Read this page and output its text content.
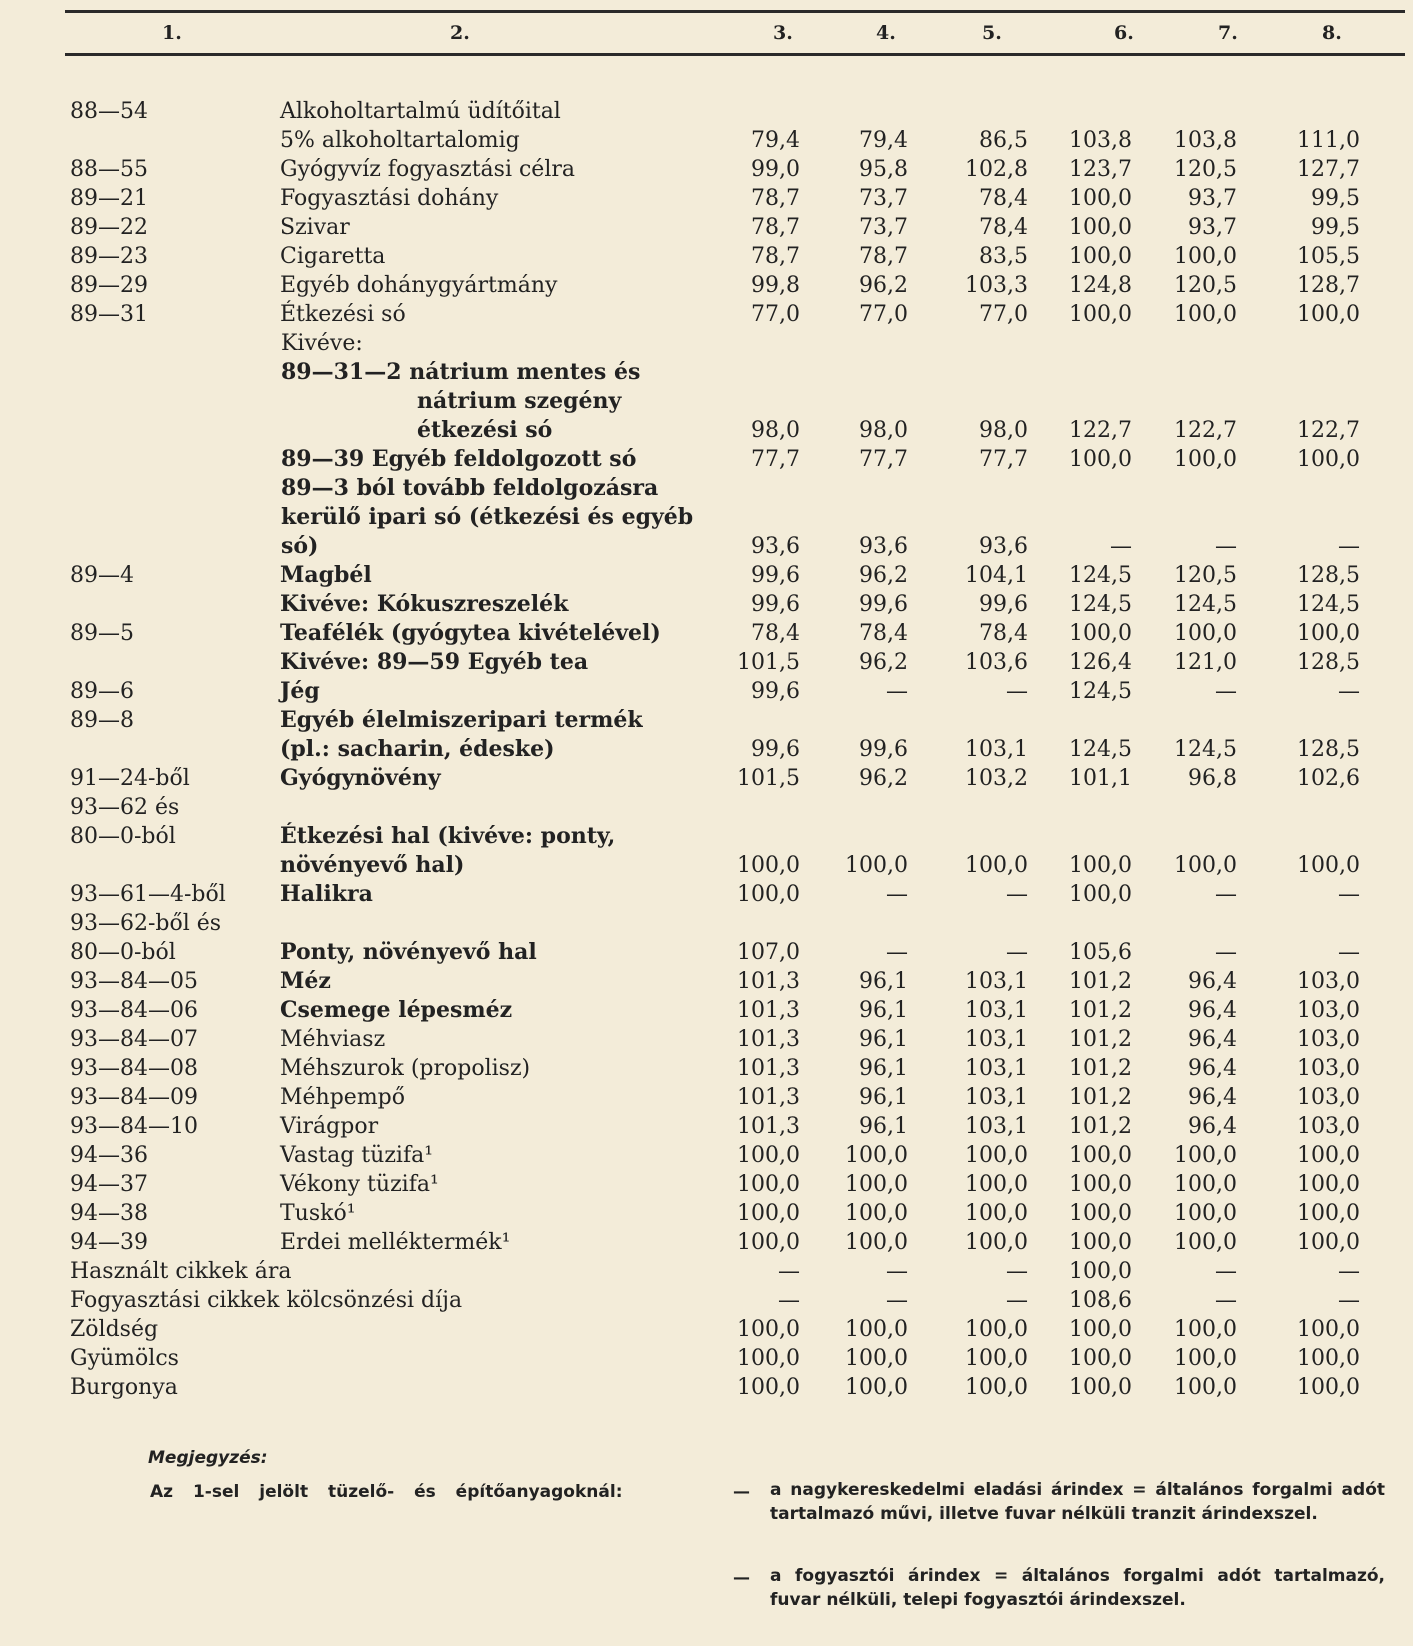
1.	2.	3.	4.	5.	6.	7.	8.
88—54	Alkoholtartalmú üdítőital
5% alkoholtartalomig	79,4	79,4	86,5	103,8	103,8	111,0
88—55	Gyógyvíz fogyasztási célra	99,0	95,8	102,8	123,7	120,5	127,7
89—21	Fogyasztási dohány	78,7	73,7	78,4	100,0	93,7	99,5
89—22	Szivar	78,7	73,7	78,4	100,0	93,7	99,5
89—23	Cigaretta	78,7	78,7	83,5	100,0	100,0	105,5
89—29	Egyéb dohánygyártmány	99,8	96,2	103,3	124,8	120,5	128,7
89—31	Étkezési só	77,0	77,0	77,0	100,0	100,0	100,0
Kivéve:
89—31—2 nátrium mentes és
nátrium szegény
étkezési só	98,0	98,0	98,0	122,7	122,7	122,7
89—39 Egyéb feldolgozott só	77,7	77,7	77,7	100,0	100,0	100,0
89—3 ból tovább feldolgozásra
kerülő ipari só (étkezési és egyéb
só)	93,6	93,6	93,6	—	—	—
89—4	Magbél	99,6	96,2	104,1	124,5	120,5	128,5
Kivéve: Kókuszreszelék	99,6	99,6	99,6	124,5	124,5	124,5
89—5	Teafélék (gyógytea kivételével)	78,4	78,4	78,4	100,0	100,0	100,0
Kivéve: 89—59 Egyéb tea	101,5	96,2	103,6	126,4	121,0	128,5
89—6	Jég	99,6	—	—	124,5	—	—
89—8	Egyéb élelmiszeripari termék
(pl.: sacharin, édeske)	99,6	99,6	103,1	124,5	124,5	128,5
91—24-ből	Gyógynövény	101,5	96,2	103,2	101,1	96,8	102,6
93—62 és
80—0-ból	Étkezési hal (kivéve: ponty,
növényevő hal)	100,0	100,0	100,0	100,0	100,0	100,0
93—61—4-ből Halikra	100,0	—	—	100,0	—	—
93—62-ből és
80—0-ból	Ponty, növényevő hal	107,0	—	—	105,6	—	—
93—84—05	Méz	101,3	96,1	103,1	101,2	96,4	103,0
93—84—06	Csemege lépesméz	101,3	96,1	103,1	101,2	96,4	103,0
93—84—07	Méhviasz	101,3	96,1	103,1	101,2	96,4	103,0
93—84—08	Méhszurok (propolisz)	101,3	96,1	103,1	101,2	96,4	103,0
93—84—09	Méhpempő	101,3	96,1	103,1	101,2	96,4	103,0
93—84—10	Virágpor	101,3	96,1	103,1	101,2	96,4	103,0
94—36	Vastag tüzifa¹	100,0	100,0	100,0	100,0	100,0	100,0
94—37	Vékony tüzifa¹	100,0	100,0	100,0	100,0	100,0	100,0
94—38	Tuskó¹	100,0	100,0	100,0	100,0	100,0	100,0
94—39	Erdei melléktermék¹	100,0	100,0	100,0	100,0	100,0	100,0
Használt cikkek ára	—	—	—	100,0	—	—
Fogyasztási cikkek kölcsönzési díja	—	—	—	108,6	—	—
Zöldség	100,0	100,0	100,0	100,0	100,0	100,0
Gyümölcs	100,0	100,0	100,0	100,0	100,0	100,0
Burgonya	100,0	100,0	100,0	100,0	100,0	100,0
Megjegyzés:
Az 1-sel jelölt tüzelő- és építőanyagoknál:	— a nagykereskedelmi eladási árindex = általános forgalmi adót tartalmazó művi, illetve fuvar nélküli tranzit árindexszel.
— a fogyasztói árindex = általános forgalmi adót tartalmazó, fuvar nélküli, telepi fogyasztói árindexszel.
